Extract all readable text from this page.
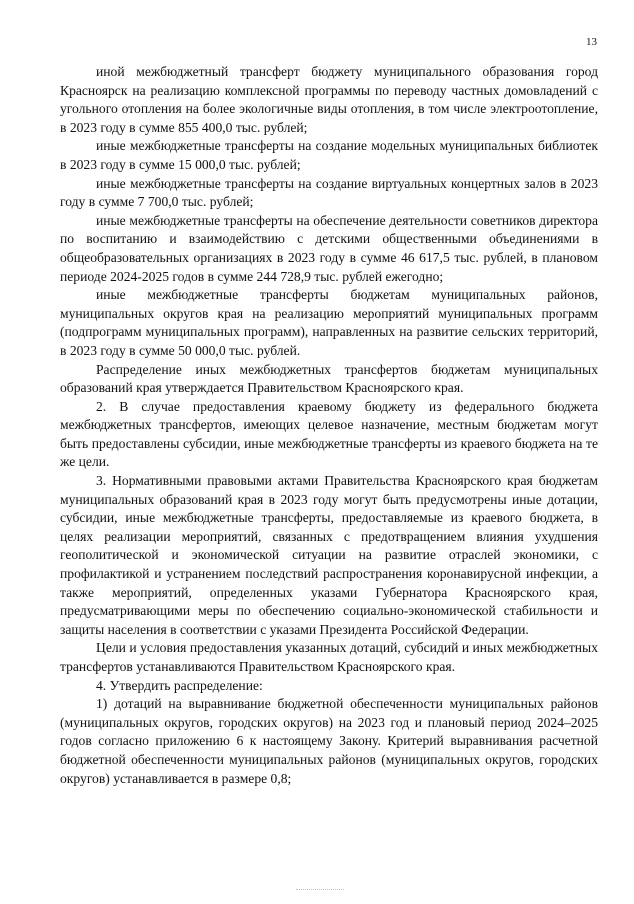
13

иной межбюджетный трансферт бюджету муниципального образования город Красноярск на реализацию комплексной программы по переводу частных домовладений с угольного отопления на более экологичные виды отопления, в том числе электроотопление, в 2023 году в сумме 855 400,0 тыс. рублей;

иные межбюджетные трансферты на создание модельных муниципальных библиотек в 2023 году в сумме 15 000,0 тыс. рублей;

иные межбюджетные трансферты на создание виртуальных концертных залов в 2023 году в сумме 7 700,0 тыс. рублей;

иные межбюджетные трансферты на обеспечение деятельности советников директора по воспитанию и взаимодействию с детскими общественными объединениями в общеобразовательных организациях в 2023 году в сумме 46 617,5 тыс. рублей, в плановом периоде 2024-2025 годов в сумме 244 728,9 тыс. рублей ежегодно;

иные межбюджетные трансферты бюджетам муниципальных районов, муниципальных округов края на реализацию мероприятий муниципальных программ (подпрограмм муниципальных программ), направленных на развитие сельских территорий, в 2023 году в сумме 50 000,0 тыс. рублей.

Распределение иных межбюджетных трансфертов бюджетам муниципальных образований края утверждается Правительством Красноярского края.

2. В случае предоставления краевому бюджету из федерального бюджета межбюджетных трансфертов, имеющих целевое назначение, местным бюджетам могут быть предоставлены субсидии, иные межбюджетные трансферты из краевого бюджета на те же цели.

3. Нормативными правовыми актами Правительства Красноярского края бюджетам муниципальных образований края в 2023 году могут быть предусмотрены иные дотации, субсидии, иные межбюджетные трансферты, предоставляемые из краевого бюджета, в целях реализации мероприятий, связанных с предотвращением влияния ухудшения геополитической и экономической ситуации на развитие отраслей экономики, с профилактикой и устранением последствий распространения коронавирусной инфекции, а также мероприятий, определенных указами Губернатора Красноярского края, предусматривающими меры по обеспечению социально-экономической стабильности и защиты населения в соответствии с указами Президента Российской Федерации.

Цели и условия предоставления указанных дотаций, субсидий и иных межбюджетных трансфертов устанавливаются Правительством Красноярского края.

4. Утвердить распределение:

1) дотаций на выравнивание бюджетной обеспеченности муниципальных районов (муниципальных округов, городских округов) на 2023 год и плановый период 2024–2025 годов согласно приложению 6 к настоящему Закону. Критерий выравнивания расчетной бюджетной обеспеченности муниципальных районов (муниципальных округов, городских округов) устанавливается в размере 0,8;
